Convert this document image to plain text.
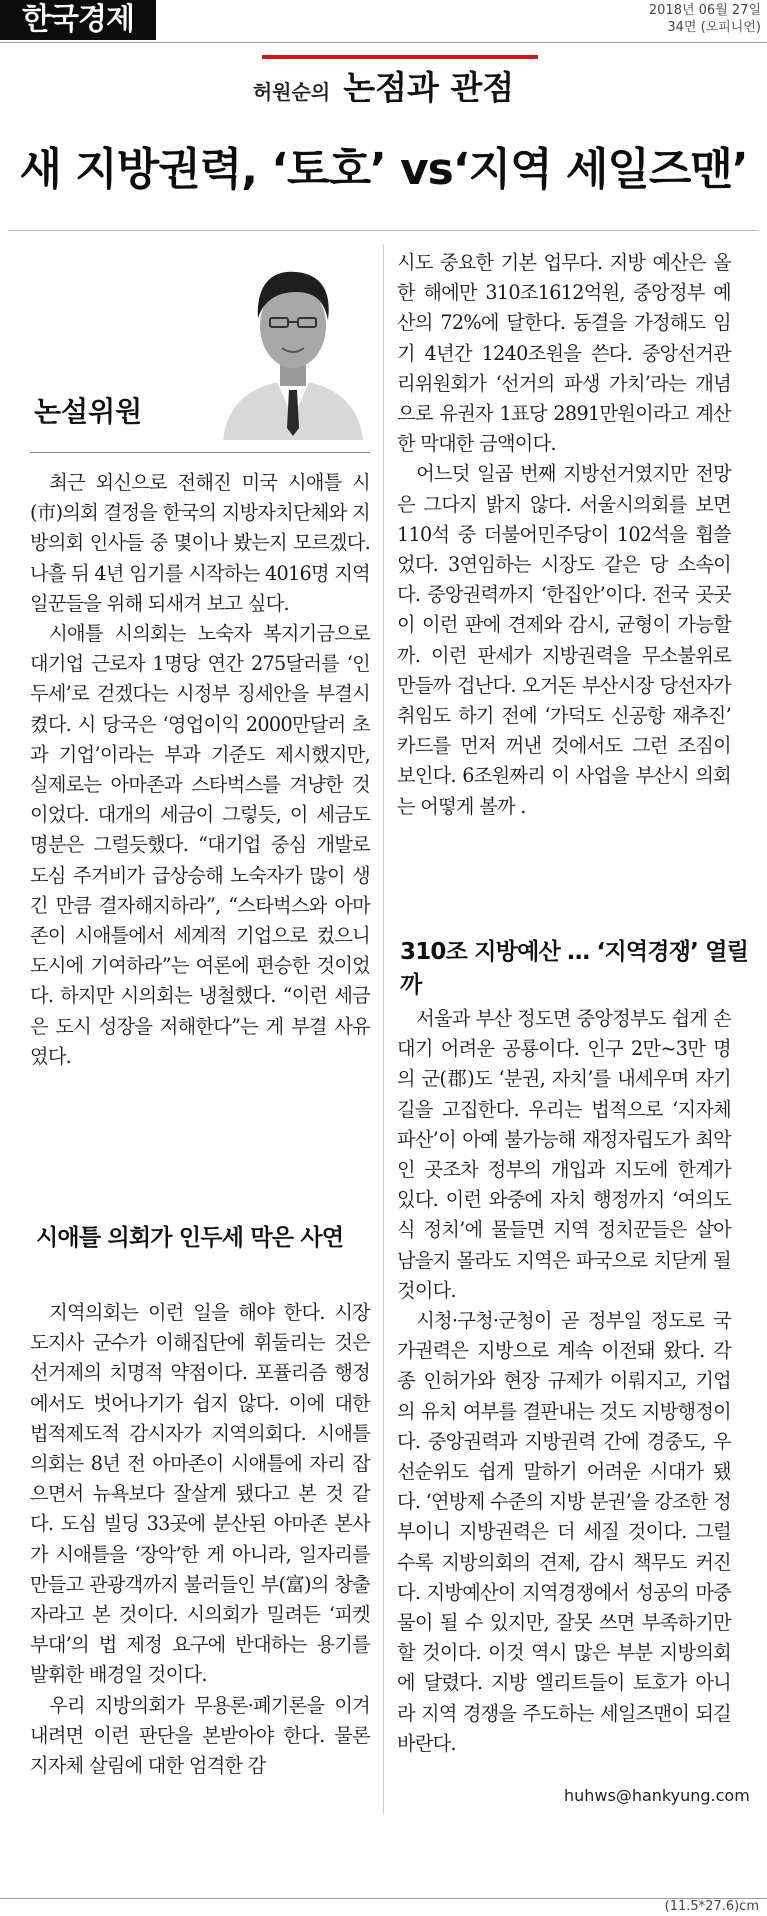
한국경제	2018년 06월 27일
34면 (오피니언)
허원순의 논점과 관점
새 지방권력, ‘토호’ vs‘지역 세일즈맨’
논설위원

최근 외신으로 전해진 미국 시애틀 시(市)의회 결정을 한국의 지방자치단체와 지방의회 인사들 중 몇이나 봤는지 모르겠다. 나흘 뒤 4년 임기를 시작하는 4016명 지역 일꾼들을 위해 되새겨 보고 싶다.

시애틀 시의회는 노숙자 복지기금으로 대기업 근로자 1명당 연간 275달러를 ‘인두세’로 걷겠다는 시정부 징세안을 부결시켰다. 시 당국은 ‘영업이익 2000만달러 초과 기업’이라는 부과 기준도 제시했지만, 실제로는 아마존과 스타벅스를 겨냥한 것이었다. 대개의 세금이 그렇듯, 이 세금도 명분은 그럴듯했다. “대기업 중심 개발로 도심 주거비가 급상승해 노숙자가 많이 생긴 만큼 결자해지하라”, “스타벅스와 아마존이 시애틀에서 세계적 기업으로 컸으니 도시에 기여하라”는 여론에 편승한 것이었다. 하지만 시의회는 냉철했다. “이런 세금은 도시 성장을 저해한다”는 게 부결 사유였다.

시애틀 의회가 인두세 막은 사연

지역의회는 이런 일을 해야 한다. 시장 도지사 군수가 이해집단에 휘둘리는 것은 선거제의 치명적 약점이다. 포퓰리즘 행정에서도 벗어나기가 쉽지 않다. 이에 대한 법적제도적 감시자가 지역의회다. 시애틀 의회는 8년 전 아마존이 시애틀에 자리 잡으면서 뉴욕보다 잘살게 됐다고 본 것 같다. 도심 빌딩 33곳에 분산된 아마존 본사가 시애틀을 ‘장악’한 게 아니라, 일자리를 만들고 관광객까지 불러들인 부(富)의 창출자라고 본 것이다. 시의회가 밀려든 ‘피켓 부대’의 법 제정 요구에 반대하는 용기를 발휘한 배경일 것이다.

우리 지방의회가 무용론·폐기론을 이겨내려면 이런 판단을 본받아야 한다. 물론 지자체 살림에 대한 엄격한 감

시도 중요한 기본 업무다. 지방 예산은 올 한 해에만 310조1612억원, 중앙정부 예산의 72%에 달한다. 동결을 가정해도 임기 4년간 1240조원을 쓴다. 중앙선거관리위원회가 ‘선거의 파생 가치’라는 개념으로 유권자 1표당 2891만원이라고 계산한 막대한 금액이다.

어느덧 일곱 번째 지방선거였지만 전망은 그다지 밝지 않다. 서울시의회를 보면 110석 중 더불어민주당이 102석을 휩쓸었다. 3연임하는 시장도 같은 당 소속이다. 중앙권력까지 ‘한집안’이다. 전국 곳곳이 이런 판에 견제와 감시, 균형이 가능할까. 이런 판세가 지방권력을 무소불위로 만들까 겁난다. 오거돈 부산시장 당선자가 취임도 하기 전에 ‘가덕도 신공항 재추진’ 카드를 먼저 꺼낸 것에서도 그런 조짐이 보인다. 6조원짜리 이 사업을 부산시 의회는 어떻게 볼까 .

310조 지방예산 … ‘지역경쟁’ 열릴까

서울과 부산 정도면 중앙정부도 쉽게 손대기 어려운 공룡이다. 인구 2만~3만 명의 군(郡)도 ‘분권, 자치’를 내세우며 자기 길을 고집한다. 우리는 법적으로 ‘지자체 파산’이 아예 불가능해 재정자립도가 최악인 곳조차 정부의 개입과 지도에 한계가 있다. 이런 와중에 자치 행정까지 ‘여의도식 정치’에 물들면 지역 정치꾼들은 살아남을지 몰라도 지역은 파국으로 치닫게 될 것이다.

시청·구청·군청이 곧 정부일 정도로 국가권력은 지방으로 계속 이전돼 왔다. 각종 인허가와 현장 규제가 이뤄지고, 기업의 유치 여부를 결판내는 것도 지방행정이다. 중앙권력과 지방권력 간에 경중도, 우선순위도 쉽게 말하기 어려운 시대가 됐다. ‘연방제 수준의 지방 분권’을 강조한 정부이니 지방권력은 더 세질 것이다. 그럴수록 지방의회의 견제, 감시 책무도 커진다. 지방예산이 지역경쟁에서 성공의 마중물이 될 수 있지만, 잘못 쓰면 부족하기만 할 것이다. 이것 역시 많은 부분 지방의회에 달렸다. 지방 엘리트들이 토호가 아니라 지역 경쟁을 주도하는 세일즈맨이 되길 바란다.

huhws@hankyung.com
(11.5*27.6)cm
